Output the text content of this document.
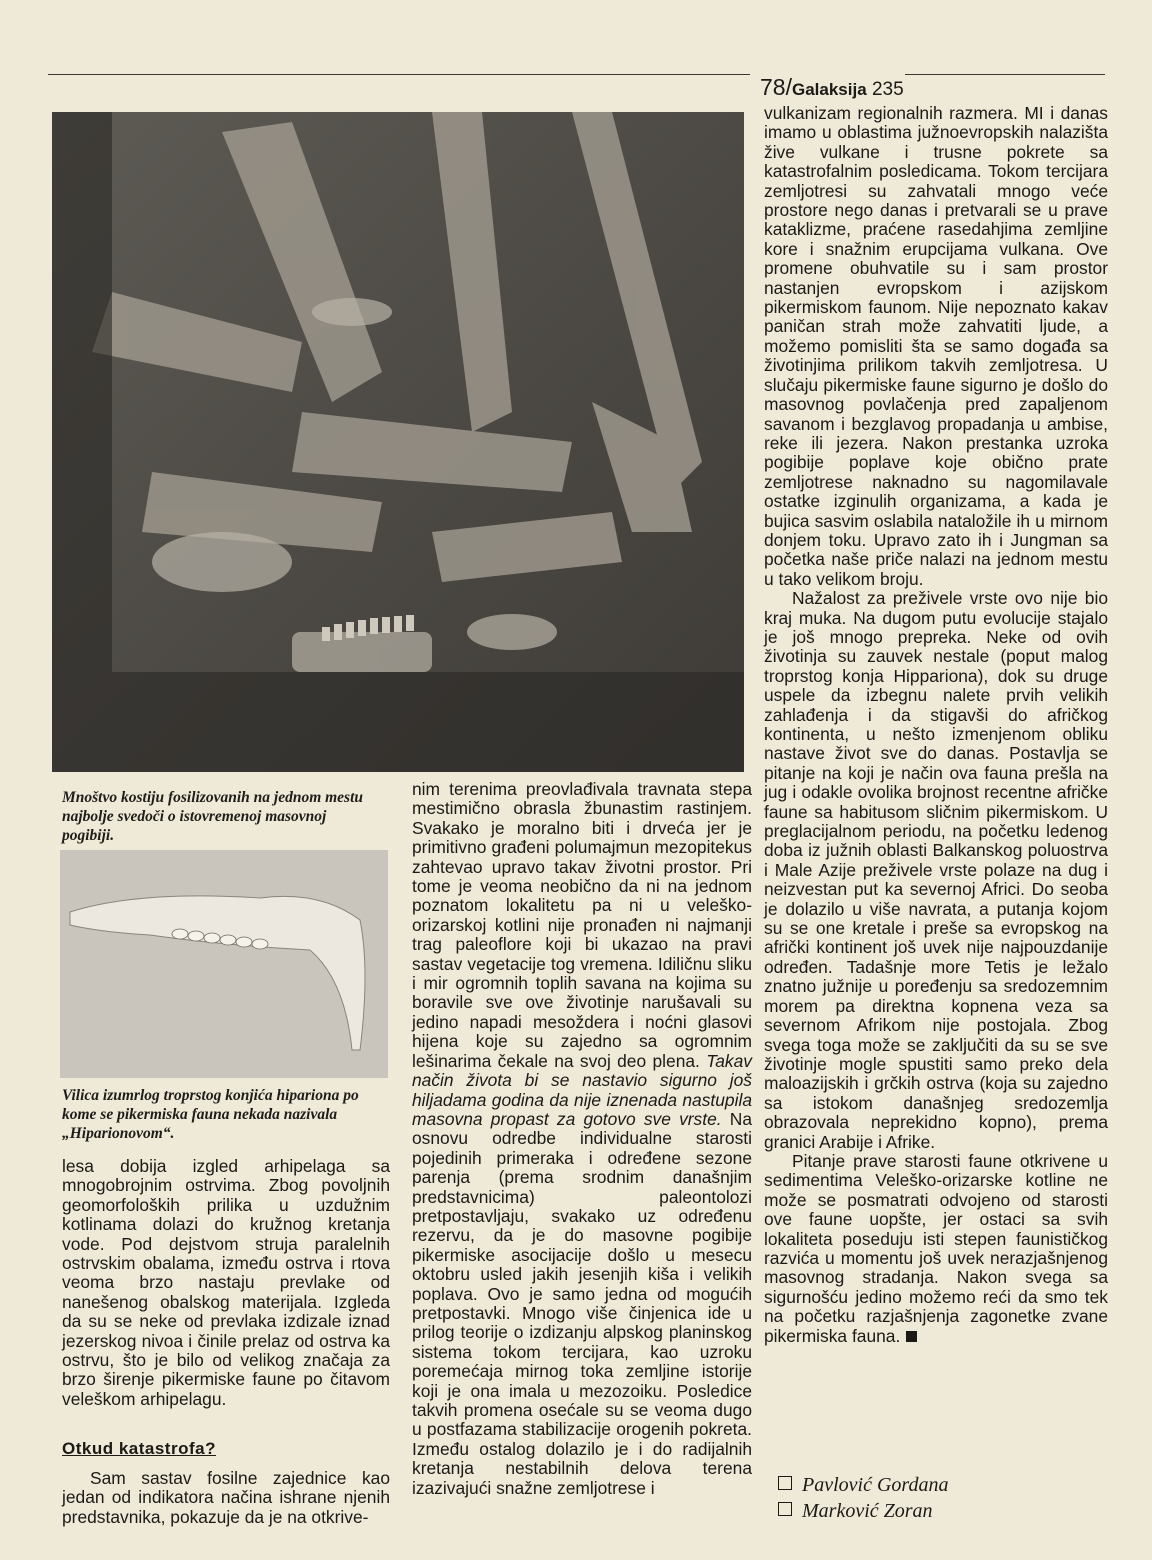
78/Galaksija 235
Mnoštvo kostiju fosilizovanih na jednom mestu najbolje svedoči o istovremenoj masovnoj pogibiji.
Vilica izumrlog troprstog konjića hipariona po kome se pikermiska fauna nekada nazivala „Hiparionovom“.

lesa dobija izgled arhipelaga sa mnogobrojnim ostrvima. Zbog povoljnih geomorfoloških prilika u uzdužnim kotlinama dolazi do kružnog kretanja vode. Pod dejstvom struja paralelnih ostrvskim obalama, između ostrva i rtova veoma brzo nastaju prevlake od nanešenog obalskog materijala. Izgleda da su se neke od prevlaka izdizale iznad jezerskog nivoa i činile prelaz od ostrva ka ostrvu, što je bilo od velikog značaja za brzo širenje pikermiske faune po čitavom veleškom arhipelagu.

Otkud katastrofa?

Sam sastav fosilne zajednice kao jedan od indikatora načina ishrane njenih predstavnika, pokazuje da je na otkrive-

nim terenima preovlađivala travnata stepa mestimično obrasla žbunastim rastinjem. Svakako je moralno biti i drveća jer je primitivno građeni polumajmun mezopitekus zahtevao upravo takav životni prostor. Pri tome je veoma neobično da ni na jednom poznatom lokalitetu pa ni u veleško-orizarskoj kotlini nije pronađen ni najmanji trag paleoflore koji bi ukazao na pravi sastav vegetacije tog vremena. Idiličnu sliku i mir ogromnih toplih savana na kojima su boravile sve ove životinje narušavali su jedino napadi mesoždera i noćni glasovi hijena koje su zajedno sa ogromnim lešinarima čekale na svoj deo plena. Takav način života bi se nastavio sigurno još hiljadama godina da nije iznenada nastupila masovna propast za gotovo sve vrste. Na osnovu odredbe individualne starosti pojedinih primeraka i određene sezone parenja (prema srodnim današnjim predstavnicima) paleontolozi pretpostavljaju, svakako uz određenu rezervu, da je do masovne pogibije pikermiske asocijacije došlo u mesecu oktobru usled jakih jesenjih kiša i velikih poplava. Ovo je samo jedna od mogućih pretpostavki. Mnogo više činjenica ide u prilog teorije o izdizanju alpskog planinskog sistema tokom tercijara, kao uzroku poremećaja mirnog toka zemljine istorije koji je ona imala u mezozoiku. Posledice takvih promena osećale su se veoma dugo u postfazama stabilizacije orogenih pokreta. Između ostalog dolazilo je i do radijalnih kretanja nestabilnih delova terena izazivajući snažne zemljotrese i

vulkanizam regionalnih razmera. MI i danas imamo u oblastima južnoevropskih nalazišta žive vulkane i trusne pokrete sa katastrofalnim posledicama. Tokom tercijara zemljotresi su zahvatali mnogo veće prostore nego danas i pretvarali se u prave kataklizme, praćene rasedahjima zemljine kore i snažnim erupcijama vulkana. Ove promene obuhvatile su i sam prostor nastanjen evropskom i azijskom pikermiskom faunom. Nije nepoznato kakav paničan strah može zahvatiti ljude, a možemo pomisliti šta se samo događa sa životinjima prilikom takvih zemljotresa. U slučaju pikermiske faune sigurno je došlo do masovnog povlačenja pred zapaljenom savanom i bezglavog propadanja u ambise, reke ili jezera. Nakon prestanka uzroka pogibije poplave koje obično prate zemljotrese naknadno su nagomilavale ostatke izginulih organizama, a kada je bujica sasvim oslabila nataložile ih u mirnom donjem toku. Upravo zato ih i Jungman sa početka naše priče nalazi na jednom mestu u tako velikom broju.

Nažalost za preživele vrste ovo nije bio kraj muka. Na dugom putu evolucije stajalo je još mnogo prepreka. Neke od ovih životinja su zauvek nestale (poput malog troprstog konja Hippariona), dok su druge uspele da izbegnu nalete prvih velikih zahlađenja i da stigavši do afričkog kontinenta, u nešto izmenjenom obliku nastave život sve do danas. Postavlja se pitanje na koji je način ova fauna prešla na jug i odakle ovolika brojnost recentne afričke faune sa habitusom sličnim pikermiskom. U preglacijalnom periodu, na početku ledenog doba iz južnih oblasti Balkanskog poluostrva i Male Azije preživele vrste polaze na dug i neizvestan put ka severnoj Africi. Do seoba je dolazilo u više navrata, a putanja kojom su se one kretale i preše sa evropskog na afrički kontinent još uvek nije najpouzdanije određen. Tadašnje more Tetis je ležalo znatno južnije u poređenju sa sredozemnim morem pa direktna kopnena veza sa severnom Afrikom nije postojala. Zbog svega toga može se zaključiti da su se sve životinje mogle spustiti samo preko dela maloazijskih i grčkih ostrva (koja su zajedno sa istokom današnjeg sredozemlja obrazovala neprekidno kopno), prema granici Arabije i Afrike.

Pitanje prave starosti faune otkrivene u sedimentima Veleško-orizarske kotline ne može se posmatrati odvojeno od starosti ove faune uopšte, jer ostaci sa svih lokaliteta poseduju isti stepen faunističkog razvića u momentu još uvek nerazjašnjenog masovnog stradanja. Nakon svega sa sigurnošću jedino možemo reći da smo tek na početku razjašnjenja zagonetke zvane pikermiska fauna.

Pavlović Gordana
Marković Zoran
